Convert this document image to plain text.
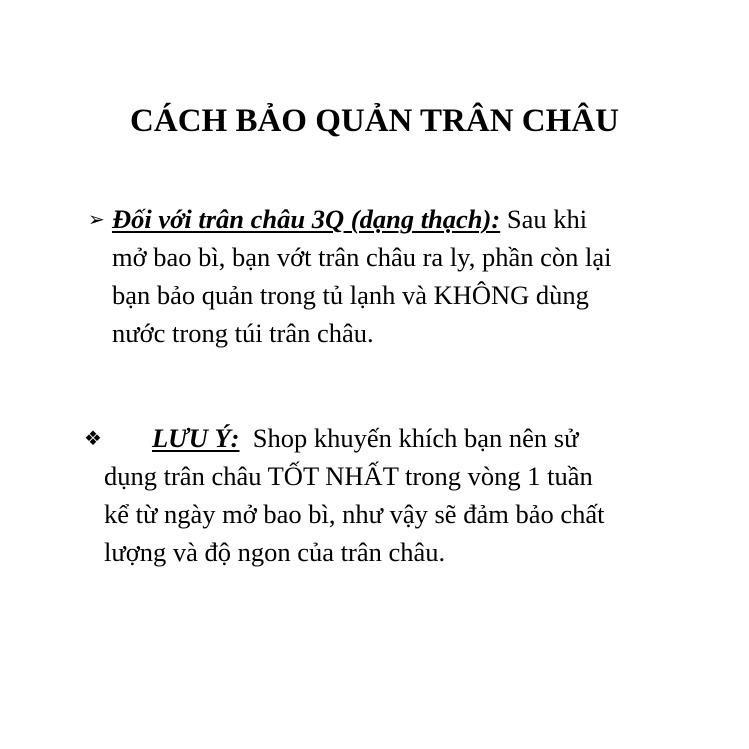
CÁCH BẢO QUẢN TRÂN CHÂU
➢ Đối với trân châu 3Q (dạng thạch): Sau khi
mở bao bì, bạn vớt trân châu ra ly, phần còn lại
bạn bảo quản trong tủ lạnh và KHÔNG dùng
nước trong túi trân châu.
❖ LƯU Ý:  Shop khuyến khích bạn nên sử
dụng trân châu TỐT NHẤT trong vòng 1 tuần
kể từ ngày mở bao bì, như vậy sẽ đảm bảo chất
lượng và độ ngon của trân châu.
